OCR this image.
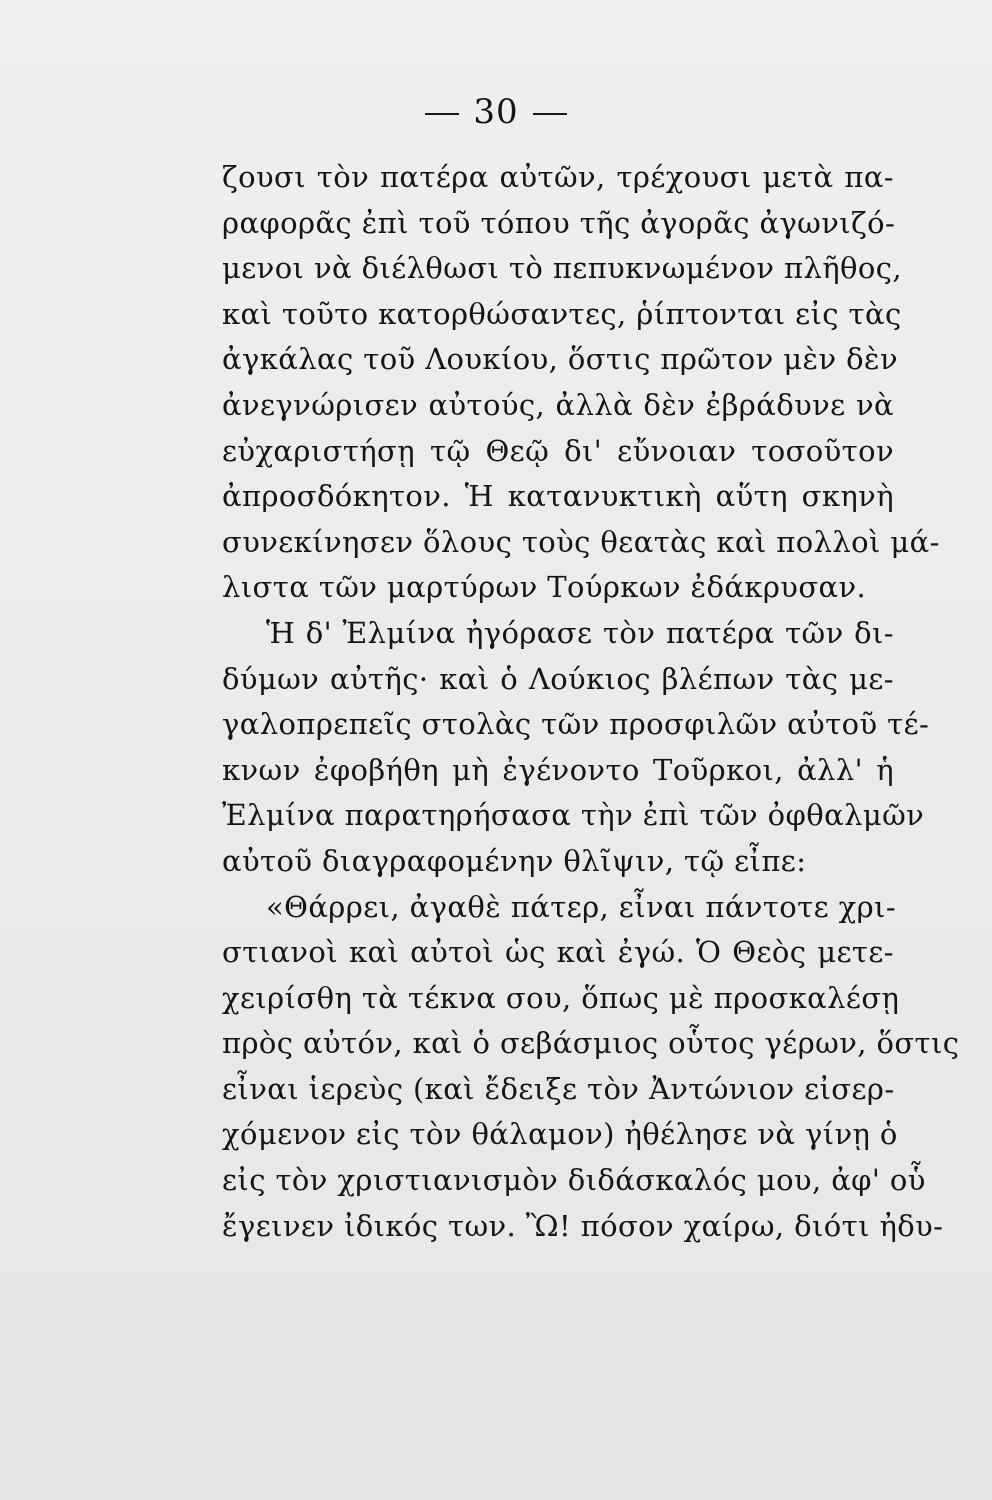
30
ζουσι τὸν πατέρα αὐτῶν, τρέχουσι μετὰ πα-
ραφορᾶς ἐπὶ τοῦ τόπου τῆς ἀγορᾶς ἀγωνιζό-
μενοι νὰ διέλθωσι τὸ πεπυκνωμένον πλῆθος,
καὶ τοῦτο κατορθώσαντες, ῥίπτονται εἰς τὰς
ἀγκάλας τοῦ Λουκίου, ὅστις πρῶτον μὲν δὲν
ἀνεγνώρισεν αὐτούς, ἀλλὰ δὲν ἐβράδυνε νὰ
εὐχαριστήσῃ τῷ Θεῷ δι' εὔνοιαν τοσοῦτον
ἀπροσδόκητον. Ἡ κατανυκτικὴ αὕτη σκηνὴ
συνεκίνησεν ὅλους τοὺς θεατὰς καὶ πολλοὶ μά-
λιστα τῶν μαρτύρων Τούρκων ἐδάκρυσαν.
Ἡ δ' Ἐλμίνα ἠγόρασε τὸν πατέρα τῶν δι-
δύμων αὐτῆς· καὶ ὁ Λούκιος βλέπων τὰς με-
γαλοπρεπεῖς στολὰς τῶν προσφιλῶν αὐτοῦ τέ-
κνων ἐφοβήθη μὴ ἐγένοντο Τοῦρκοι, ἀλλ' ἡ
Ἐλμίνα παρατηρήσασα τὴν ἐπὶ τῶν ὀφθαλμῶν
αὐτοῦ διαγραφομένην θλῖψιν, τῷ εἶπε:
«Θάρρει, ἀγαθὲ πάτερ, εἶναι πάντοτε χρι-
στιανοὶ καὶ αὐτοὶ ὡς καὶ ἐγώ. Ὁ Θεὸς μετε-
χειρίσθη τὰ τέκνα σου, ὅπως μὲ προσκαλέσῃ
πρὸς αὐτόν, καὶ ὁ σεβάσμιος οὗτος γέρων, ὅστις
εἶναι ἱερεὺς (καὶ ἔδειξε τὸν Ἀντώνιον εἰσερ-
χόμενον εἰς τὸν θάλαμον) ἠθέλησε νὰ γίνῃ ὁ
εἰς τὸν χριστιανισμὸν διδάσκαλός μου, ἀφ' οὗ
ἔγεινεν ἰδικός των. Ὢ! πόσον χαίρω, διότι ἠδυ-
